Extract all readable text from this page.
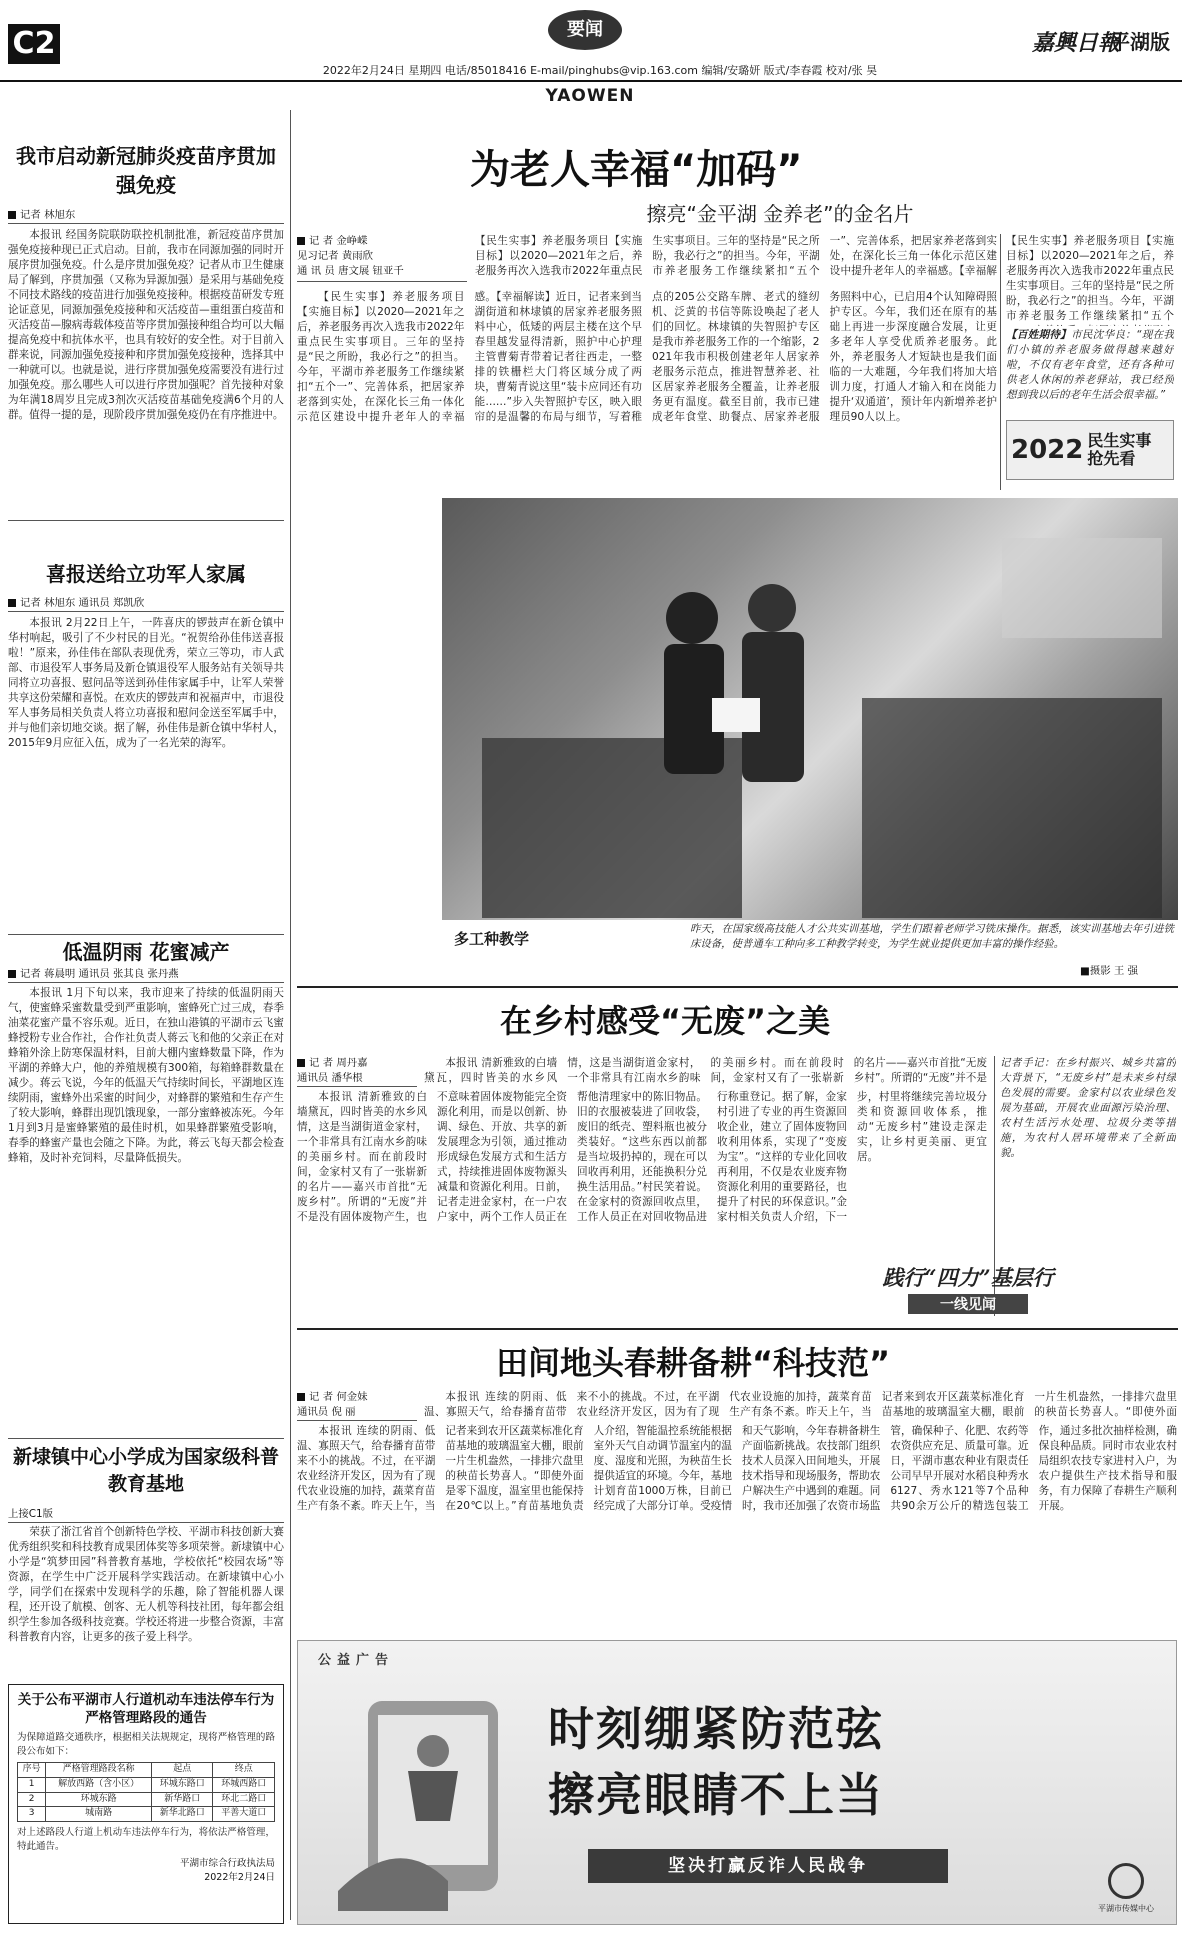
C2	要闻
2022年2月24日 星期四 电话/85018416 E-mail/pinghubs@vip.163.com 编辑/安璐妍 版式/李春霞 校对/张 昊
YAOWEN
嘉興日報
平湖版
我市启动新冠肺炎疫苗序贯加强免疫
记者 林旭东

本报讯 经国务院联防联控机制批准，新冠疫苗序贯加强免疫接种现已正式启动。目前，我市在同源加强的同时开展序贯加强免疫。什么是序贯加强免疫？记者从市卫生健康局了解到，序贯加强（又称为异源加强）是采用与基础免疫不同技术路线的疫苗进行加强免疫接种。根据疫苗研发专班论证意见，同源加强免疫接种和灭活疫苗—重组蛋白疫苗和灭活疫苗—腺病毒载体疫苗等序贯加强接种组合均可以大幅提高免疫中和抗体水平，也具有较好的安全性。对于目前入群来说，同源加强免疫接种和序贯加强免疫接种，选择其中一种就可以。也就是说，进行序贯加强免疫需要没有进行过加强免疫。那么哪些人可以进行序贯加强呢？首先接种对象为年满18周岁且完成3剂次灭活疫苗基础免疫满6个月的人群。值得一提的是，现阶段序贯加强免疫仍在有序推进中。

喜报送给立功军人家属
记者 林旭东 通讯员 郑凯欣

本报讯 2月22日上午，一阵喜庆的锣鼓声在新仓镇中华村响起，吸引了不少村民的目光。“祝贺给孙佳伟送喜报啦！”原来，孙佳伟在部队表现优秀，荣立三等功，市人武部、市退役军人事务局及新仓镇退役军人服务站有关领导共同将立功喜报、慰问品等送到孙佳伟家属手中，让军人荣誉共享这份荣耀和喜悦。在欢庆的锣鼓声和祝福声中，市退役军人事务局相关负责人将立功喜报和慰问金送至军属手中，并与他们亲切地交谈。据了解，孙佳伟是新仓镇中华村人，2015年9月应征入伍，成为了一名光荣的海军。

低温阴雨 花蜜减产
记者 蒋晨明 通讯员 张其良 张丹燕

本报讯 1月下旬以来，我市迎来了持续的低温阴雨天气，使蜜蜂采蜜数量受到严重影响，蜜蜂死亡过三成，春季油菜花蜜产量不容乐观。近日，在独山港镇的平湖市云飞蜜蜂授粉专业合作社，合作社负责人蒋云飞和他的父亲正在对蜂箱外涂上防寒保温材料，目前大棚内蜜蜂数量下降，作为平湖的养蜂大户，他的养殖规模有300箱，每箱蜂群数量在减少。蒋云飞说，今年的低温天气持续时间长，平湖地区连续阴雨，蜜蜂外出采蜜的时间少，对蜂群的繁殖和生存产生了较大影响，蜂群出现饥饿现象，一部分蜜蜂被冻死。今年1月到3月是蜜蜂繁殖的最佳时机，如果蜂群繁殖受影响，春季的蜂蜜产量也会随之下降。为此，蒋云飞每天都会检查蜂箱，及时补充饲料，尽量降低损失。

新埭镇中心小学成为国家级科普教育基地
上接C1版

荣获了浙江省首个创新特色学校、平湖市科技创新大赛优秀组织奖和科技教育成果团体奖等多项荣誉。新埭镇中心小学是“筑梦田园”科普教育基地，学校依托“校园农场”等资源，在学生中广泛开展科学实践活动。在新埭镇中心小学，同学们在探索中发现科学的乐趣，除了智能机器人课程，还开设了航模、创客、无人机等科技社团，每年都会组织学生参加各级科技竞赛。学校还将进一步整合资源，丰富科普教育内容，让更多的孩子爱上科学。

关于公布平湖市人行道机动车违法停车行为严格管理路段的通告
为保障道路交通秩序，根据相关法规规定，现将严格管理的路段公布如下：
序号	严格管理路段名称	起点	终点
1	解放西路（含小区）	环城东路口	环城西路口
2	环城东路	新华路口	环北二路口
3	城南路	新华北路口	平善大道口
对上述路段人行道上机动车违法停车行为，将依法严格管理，特此通告。
平湖市综合行政执法局
2022年2月24日
为老人幸福“加码”
擦亮“金平湖 金养老”的金名片
记 者 金峥嵘
见习记者 黄雨欣
通 讯 员 唐文展 钮亚千

【民生实事】养老服务项目【实施目标】以2020—2021年之后，养老服务再次入选我市2022年重点民生实事项目。三年的坚持是“民之所盼，我必行之”的担当。今年，平湖市养老服务工作继续紧扣“五个一”、完善体系，把居家养老落到实处，在深化长三角一体化示范区建设中提升老年人的幸福感。【幸福解读】近日，记者来到当湖街道和林埭镇的居家养老服务照料中心，低矮的两层主楼在这个早春里越发显得清新，照护中心护理主管曹菊青带着记者往西走，一整排的铁栅栏大门将区域分成了两块，曹菊青说这里“装卡应同还有功能……”步入失智照护专区，映入眼帘的是温馨的布局与细节，写着稚点的205公交路车牌、老式的缝纫机、泛黄的书信等陈设唤起了老人们的回忆。林埭镇的失智照护专区是我市养老服务工作的一个缩影，2021年我市积极创建老年人居家养老服务示范点，推进智慧养老、社区居家养老服务全覆盖，让养老服务更有温度。截至目前，我市已建成老年食堂、助餐点、居家养老服务照料中心，已启用4个认知障碍照护专区。今年，我们还在原有的基础上再进一步深度融合发展，让更多老年人享受优质养老服务。此外，养老服务人才短缺也是我们面临的一大难题，今年我们将加大培训力度，打通人才输入和在岗能力提升‘双通道’，预计年内新增养老护理员90人以上。

【民生实事】养老服务项目【实施目标】以2020—2021年之后，养老服务再次入选我市2022年重点民生实事项目。三年的坚持是“民之所盼，我必行之”的担当。今年，平湖市养老服务工作继续紧扣“五个一”、完善体系，把居家养老落到实处，在深化长三角一体化示范区建设中提升老年人的幸福感。【幸福解
【民生实事】养老服务项目【实施目标】以2020—2021年之后，养老服务再次入选我市2022年重点民生实事项目。三年的坚持是“民之所盼，我必行之”的担当。今年，平湖市养老服务工作继续紧扣“五个
【百姓期待】市民沈华良：“现在我们小镇的养老服务做得越来越好啦，不仅有老年食堂，还有各种可供老人休闲的养老驿站，我已经预想到我以后的老年生活会很幸福。”
2022 民生实事抢先看
多工种教学
昨天，在国家级高技能人才公共实训基地，学生们跟着老师学习铣床操作。据悉，该实训基地去年引进铣床设备，使普通车工种向多工种教学转变，为学生就业提供更加丰富的操作经验。
■摄影 王 强
在乡村感受“无废”之美
记 者 周丹嘉
通讯员 潘华根

本报讯 清新雅致的白墙黛瓦，四时皆美的水乡风情，这是当湖街道金家村，一个非常具有江南水乡韵味的美丽乡村。而在前段时间，金家村又有了一张崭新的名片——嘉兴市首批“无废乡村”。所谓的“无废”并不是没有固体废物产生，也不意味着固体废物能完全资源化利用，而是以创新、协调、绿色、开放、共享的新发展理念为引领，通过推动形成绿色发展方式和生活方式，持续推进固体废物源头减量和资源化利用。日前，记者走进金家村，在一户农户家中，两个工作人员正在帮他清理家中的陈旧物品。旧的衣服被装进了回收袋，废旧的纸壳、塑料瓶也被分类装好。“这些东西以前都是当垃圾扔掉的，现在可以回收再利用，还能换积分兑换生活用品。”村民笑着说。在金家村的资源回收点里，工作人员正在对回收物品进行称重登记。据了解，金家村引进了专业的再生资源回收企业，建立了固体废物回收利用体系，实现了“变废为宝”。“这样的专业化回收再利用，不仅是农业废弃物资源化利用的重要路径，也提升了村民的环保意识。”金家村相关负责人介绍，下一步，村里将继续完善垃圾分类和资源回收体系，推动“无废乡村”建设走深走实，让乡村更美丽、更宜居。

本报讯 清新雅致的白墙黛瓦，四时皆美的水乡风情，这是当湖街道金家村，一个非常具有江南水乡韵味的美丽乡村。而在前段时间，金家村又有了一张崭新的名片——嘉兴市首批“无废乡村”。所谓的“无废”并不是

记者手记：在乡村振兴、城乡共富的大背景下，“无废乡村”是未来乡村绿色发展的需要。金家村以农业绿色发展为基础，开展农业面源污染治理、农村生活污水处理、垃圾分类等措施，为农村人居环境带来了全新面貌。
践行“四力”基层行
一线见闻
田间地头春耕备耕“科技范”
记 者 何金妹
通讯员 倪 丽

本报讯 连续的阴雨、低温、寡照天气，给春播育苗带来不小的挑战。不过，在平湖农业经济开发区，因为有了现代农业设施的加持，蔬菜育苗生产有条不紊。昨天上午，当记者来到农开区蔬菜标准化育苗基地的玻璃温室大棚，眼前一片生机盎然，一排排穴盘里的秧苗长势喜人。“即使外面是零下温度，温室里也能保持在20℃以上。”育苗基地负责人介绍，智能温控系统能根据室外天气自动调节温室内的温度、湿度和光照，为秧苗生长提供适宜的环境。今年，基地计划育苗1000万株，目前已经完成了大部分订单。受疫情和天气影响，今年春耕备耕生产面临新挑战。农技部门组织技术人员深入田间地头，开展技术指导和现场服务，帮助农户解决生产中遇到的难题。同时，我市还加强了农资市场监管，确保种子、化肥、农药等农资供应充足、质量可靠。近日，平湖市惠农种业有限责任公司早早开展对水稻良种秀水6127、秀水121等7个品种共90余万公斤的精选包装工作，通过多批次抽样检测，确保良种品质。同时市农业农村局组织农技专家进村入户，为农户提供生产技术指导和服务，有力保障了春耕生产顺利开展。

本报讯 连续的阴雨、低温、寡照天气，给春播育苗带来不小的挑战。不过，在平湖农业经济开发区，因为有了现代农业设施的加持，蔬菜育苗生产有条不紊。昨天上午，当记者来到农开区蔬菜标准化育苗基地的玻璃温室大棚，眼前一片生机盎然，一排排穴盘里的秧苗长势喜人。“即使外面

公益广告
时刻绷紧防范弦
擦亮眼睛不上当
坚决打赢反诈人民战争
平湖市传媒中心
